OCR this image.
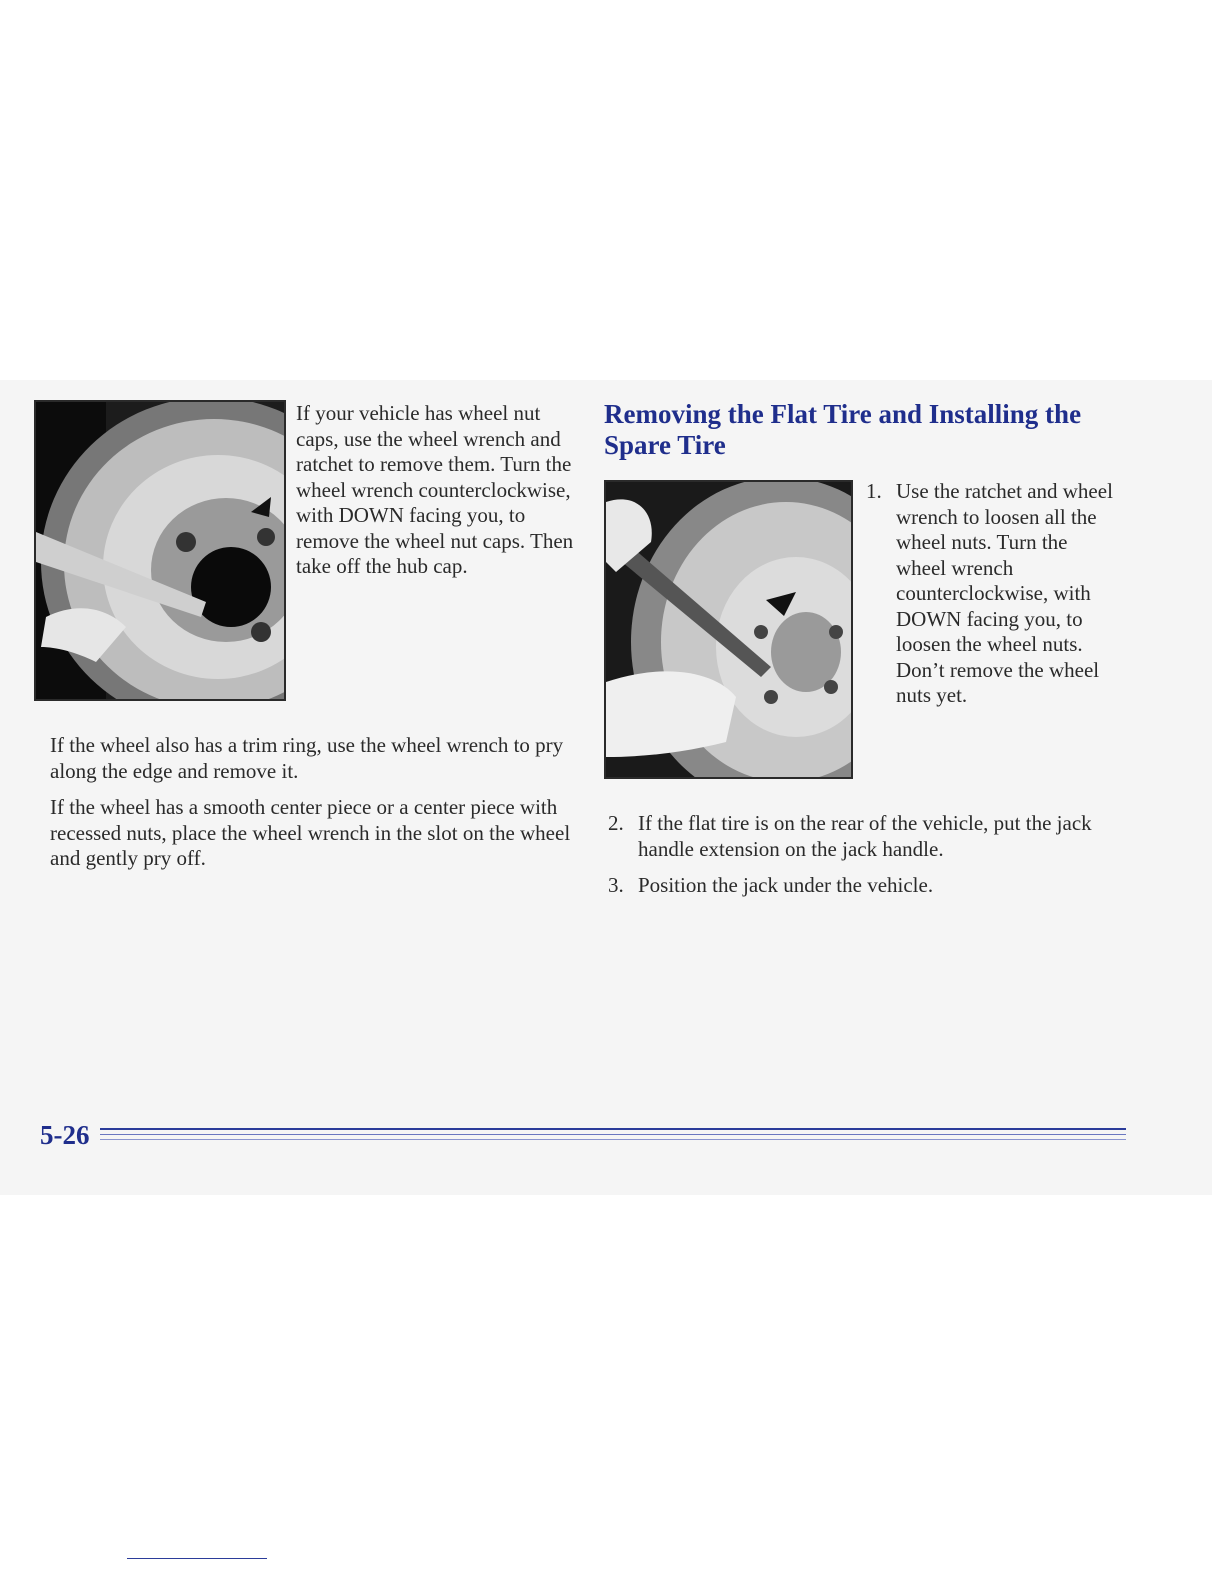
If your vehicle has wheel nut caps, use the wheel wrench and ratchet to remove them. Turn the wheel wrench counterclockwise, with DOWN facing you, to remove the wheel nut caps. Then take off the hub cap.

If the wheel also has a trim ring, use the wheel wrench to pry along the edge and remove it.

If the wheel has a smooth center piece or a center piece with recessed nuts, place the wheel wrench in the slot on the wheel and gently pry off.

Removing the Flat Tire and Installing the Spare Tire
1. Use the ratchet and wheel wrench to loosen all the wheel nuts. Turn the wheel wrench counterclockwise, with DOWN facing you, to loosen the wheel nuts. Don’t remove the wheel nuts yet.
2. If the flat tire is on the rear of the vehicle, put the jack handle extension on the jack handle.
3. Position the jack under the vehicle.
5-26
